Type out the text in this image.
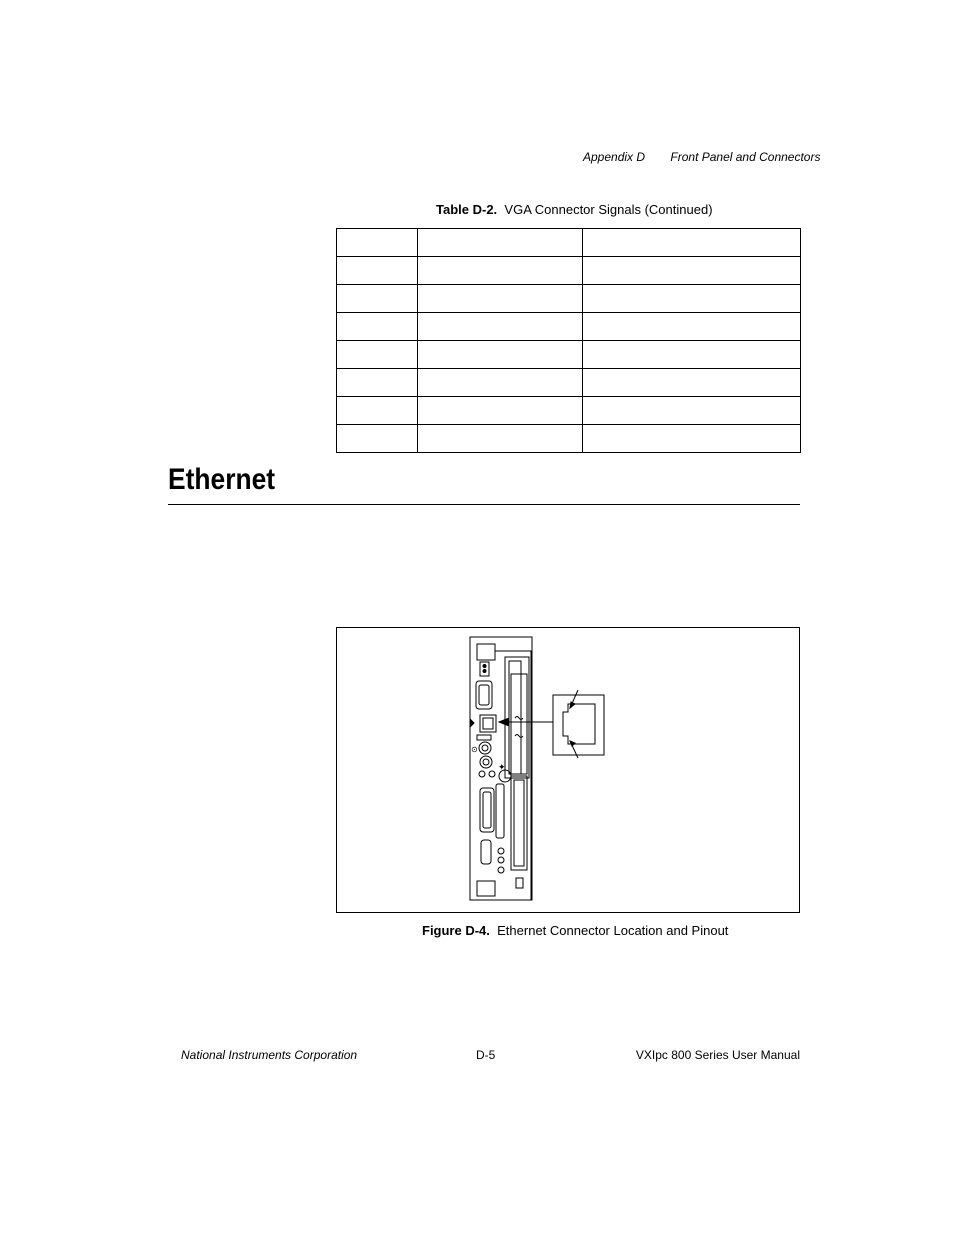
Appendix D Front Panel and Connectors
Table D-2. VGA Connector Signals (Continued)

Ethernet
⊙
✦
Figure D-4. Ethernet Connector Location and Pinout
National Instruments Corporation	D-5	VXIpc 800 Series User Manual
